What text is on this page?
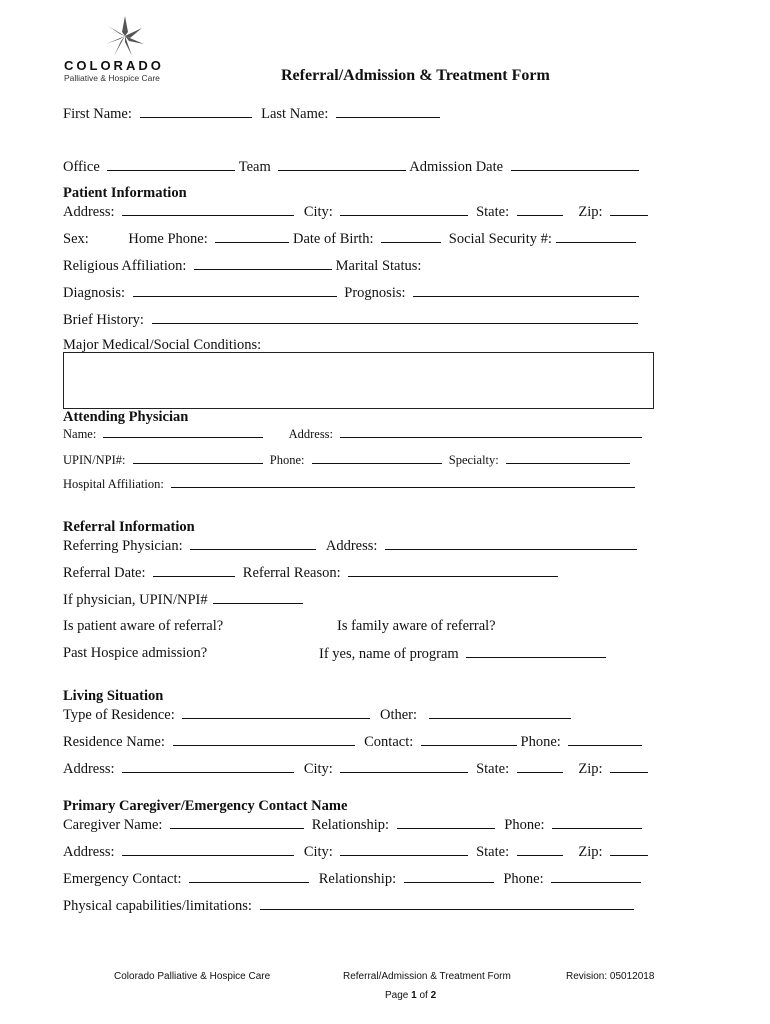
COLORADO
Palliative & Hospice Care	Referral/Admission & Treatment Form
First Name:	Last Name:
Office	Team	Admission Date
Patient Information
Address:	City:	State:	Zip:
Sex:	Home Phone:	Date of Birth:	Social Security #:
Religious Affiliation:	Marital Status:
Diagnosis:	Prognosis:
Brief History:
Major Medical/Social Conditions:
Attending Physician
Name:	Address:
UPIN/NPI#:	Phone:	Specialty:
Hospital Affiliation:
Referral Information
Referring Physician:	Address:
Referral Date:	Referral Reason:
If physician, UPIN/NPI#
Is patient aware of referral?	Is family aware of referral?
Past Hospice admission?	If yes, name of program
Living Situation
Type of Residence:	Other:
Residence Name:	Contact:	Phone:
Address:	City:	State:	Zip:
Primary Caregiver/Emergency Contact Name
Caregiver Name:	Relationship:	Phone:
Address:	City:	State:	Zip:
Emergency Contact:	Relationship:	Phone:
Physical capabilities/limitations:
Colorado Palliative & Hospice Care	Referral/Admission & Treatment Form	Revision: 05012018
Page 1 of 2
